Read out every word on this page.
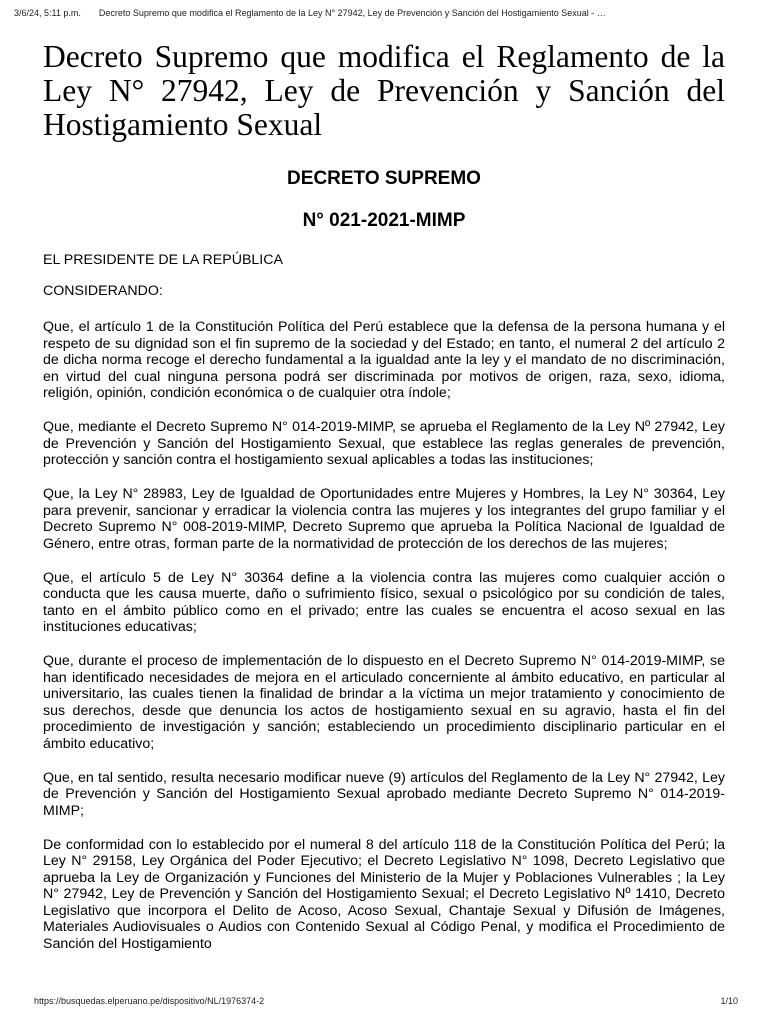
3/6/24, 5:11 p.m. Decreto Supremo que modifica el Reglamento de la Ley N° 27942, Ley de Prevención y Sanción del Hostigamiento Sexual - …
Decreto Supremo que modifica el Reglamento de la Ley N° 27942, Ley de Prevención y Sanción del Hostigamiento Sexual
DECRETO SUPREMO
N° 021-2021-MIMP
EL PRESIDENTE DE LA REPÚBLICA
CONSIDERANDO:

Que, el artículo 1 de la Constitución Política del Perú establece que la defensa de la persona humana y el respeto de su dignidad son el fin supremo de la sociedad y del Estado; en tanto, el numeral 2 del artículo 2 de dicha norma recoge el derecho fundamental a la igualdad ante la ley y el mandato de no discriminación, en virtud del cual ninguna persona podrá ser discriminada por motivos de origen, raza, sexo, idioma, religión, opinión, condición económica o de cualquier otra índole;

Que, mediante el Decreto Supremo N° 014-2019-MIMP, se aprueba el Reglamento de la Ley Nº 27942, Ley de Prevención y Sanción del Hostigamiento Sexual, que establece las reglas generales de prevención, protección y sanción contra el hostigamiento sexual aplicables a todas las instituciones;

Que, la Ley N° 28983, Ley de Igualdad de Oportunidades entre Mujeres y Hombres, la Ley N° 30364, Ley para prevenir, sancionar y erradicar la violencia contra las mujeres y los integrantes del grupo familiar y el Decreto Supremo N° 008-2019-MIMP, Decreto Supremo que aprueba la Política Nacional de Igualdad de Género, entre otras, forman parte de la normatividad de protección de los derechos de las mujeres;

Que, el artículo 5 de Ley N° 30364 define a la violencia contra las mujeres como cualquier acción o conducta que les causa muerte, daño o sufrimiento físico, sexual o psicológico por su condición de tales, tanto en el ámbito público como en el privado; entre las cuales se encuentra el acoso sexual en las instituciones educativas;

Que, durante el proceso de implementación de lo dispuesto en el Decreto Supremo N° 014-2019-MIMP, se han identificado necesidades de mejora en el articulado concerniente al ámbito educativo, en particular al universitario, las cuales tienen la finalidad de brindar a la víctima un mejor tratamiento y conocimiento de sus derechos, desde que denuncia los actos de hostigamiento sexual en su agravio, hasta el fin del procedimiento de investigación y sanción; estableciendo un procedimiento disciplinario particular en el ámbito educativo;

Que, en tal sentido, resulta necesario modificar nueve (9) artículos del Reglamento de la Ley N° 27942, Ley de Prevención y Sanción del Hostigamiento Sexual aprobado mediante Decreto Supremo N° 014-2019-MIMP;

De conformidad con lo establecido por el numeral 8 del artículo 118 de la Constitución Política del Perú; la Ley N° 29158, Ley Orgánica del Poder Ejecutivo; el Decreto Legislativo N° 1098, Decreto Legislativo que aprueba la Ley de Organización y Funciones del Ministerio de la Mujer y Poblaciones Vulnerables ; la Ley N° 27942, Ley de Prevención y Sanción del Hostigamiento Sexual; el Decreto Legislativo Nº 1410, Decreto Legislativo que incorpora el Delito de Acoso, Acoso Sexual, Chantaje Sexual y Difusión de Imágenes, Materiales Audiovisuales o Audios con Contenido Sexual al Código Penal, y modifica el Procedimiento de Sanción del Hostigamiento

https://busquedas.elperuano.pe/dispositivo/NL/1976374-2	1/10
